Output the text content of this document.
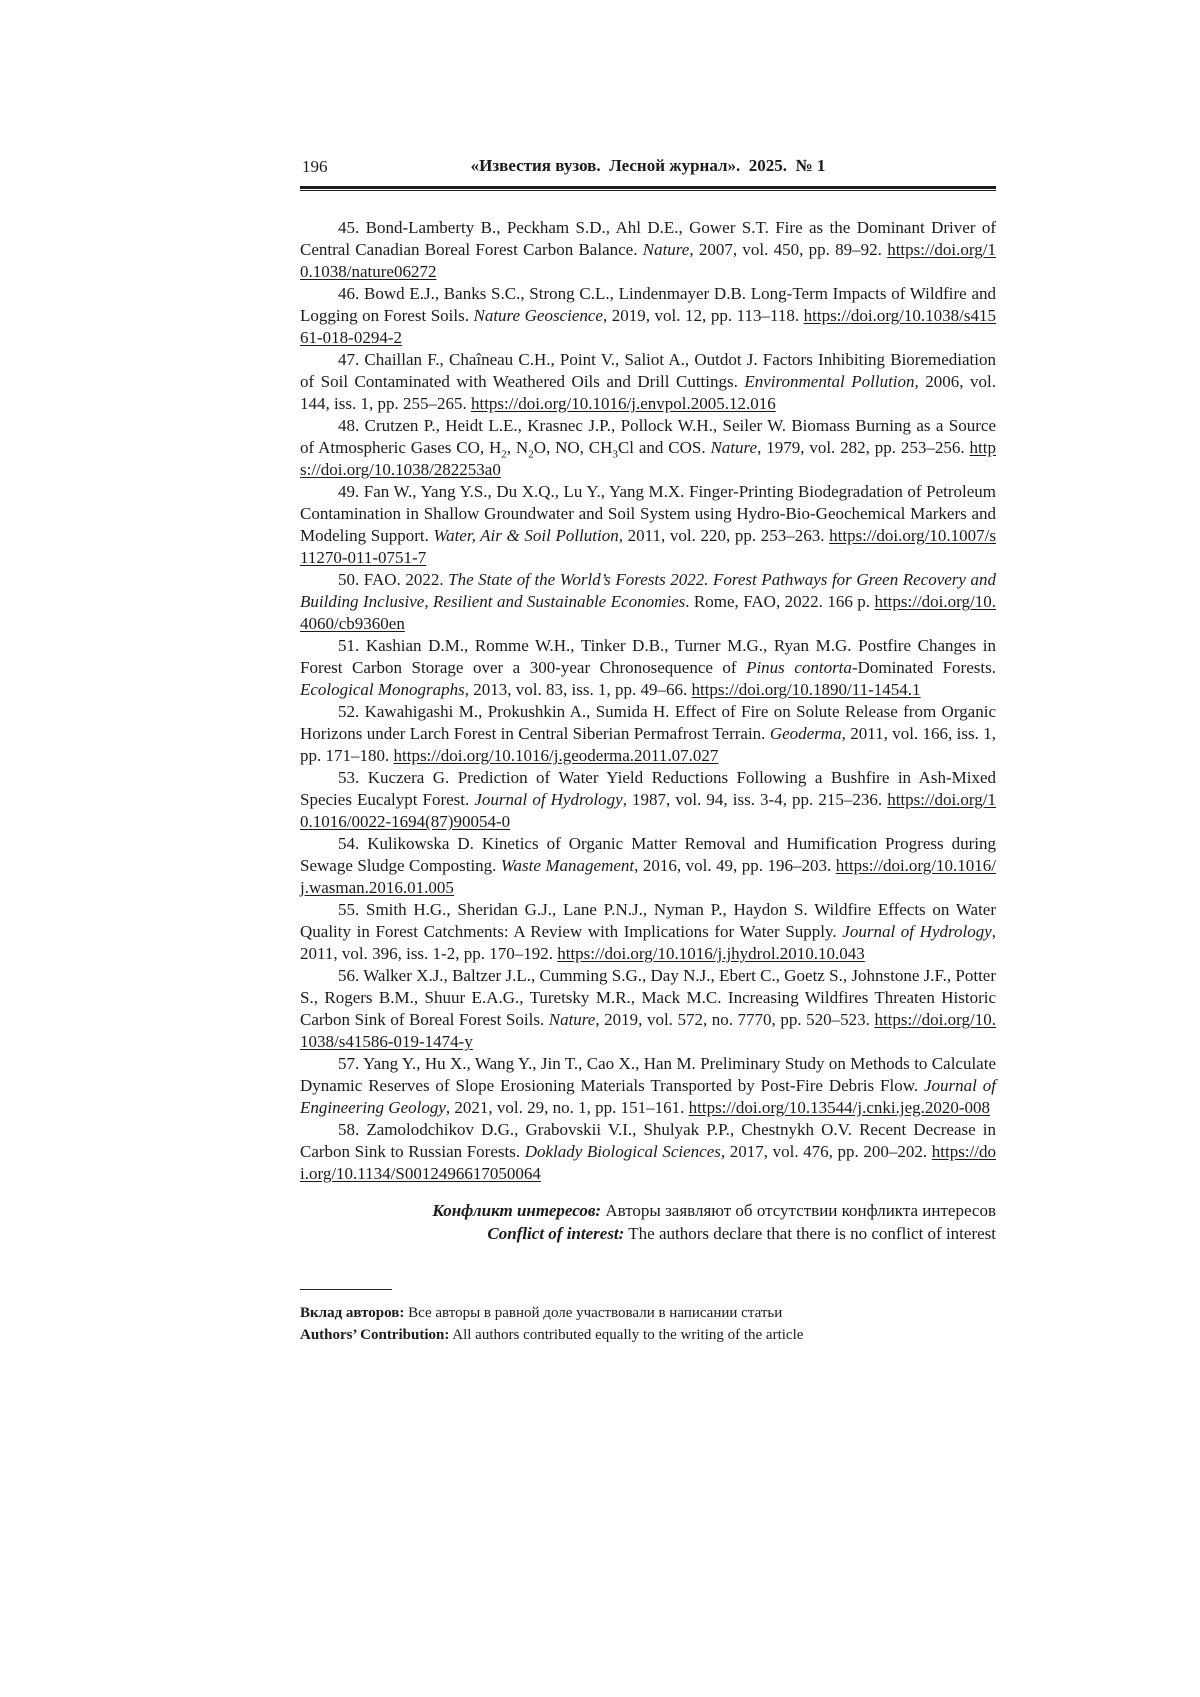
196	«Известия вузов.  Лесной журнал».  2025.  № 1

45. Bond-Lamberty B., Peckham S.D., Ahl D.E., Gower S.T. Fire as the Dominant Driver of Central Canadian Boreal Forest Carbon Balance. Nature, 2007, vol. 450, pp. 89–92. https://doi.org/10.1038/nature06272

46. Bowd E.J., Banks S.C., Strong C.L., Lindenmayer D.B. Long-Term Impacts of Wildfire and Logging on Forest Soils. Nature Geoscience, 2019, vol. 12, pp. 113–118. https://doi.org/10.1038/s41561-018-0294-2

47. Chaillan F., Chaîneau C.H., Point V., Saliot A., Outdot J. Factors Inhibiting Bioremediation of Soil Contaminated with Weathered Oils and Drill Cuttings. Environmental Pollution, 2006, vol. 144, iss. 1, pp. 255–265. https://doi.org/10.1016/j.envpol.2005.12.016

48. Crutzen P., Heidt L.E., Krasnec J.P., Pollock W.H., Seiler W. Biomass Burning as a Source of Atmospheric Gases CO, $H_2$, $N_2O$, NO, $CH_3Cl$ and COS. Nature, 1979, vol. 282, pp. 253–256. https://doi.org/10.1038/282253a0

49. Fan W., Yang Y.S., Du X.Q., Lu Y., Yang M.X. Finger-Printing Biodegradation of Petroleum Contamination in Shallow Groundwater and Soil System using Hydro-Bio-Geochemical Markers and Modeling Support. Water, Air & Soil Pollution, 2011, vol. 220, pp. 253–263. https://doi.org/10.1007/s11270-011-0751-7

50. FAO. 2022. The State of the World’s Forests 2022. Forest Pathways for Green Recovery and Building Inclusive, Resilient and Sustainable Economies. Rome, FAO, 2022. 166 p. https://doi.org/10.4060/cb9360en

51. Kashian D.M., Romme W.H., Tinker D.B., Turner M.G., Ryan M.G. Postfire Changes in Forest Carbon Storage over a 300-year Chronosequence of Pinus contorta-Dominated Forests. Ecological Monographs, 2013, vol. 83, iss. 1, pp. 49–66. https://doi.org/10.1890/11-1454.1

52. Kawahigashi M., Prokushkin A., Sumida H. Effect of Fire on Solute Release from Organic Horizons under Larch Forest in Central Siberian Permafrost Terrain. Geoderma, 2011, vol. 166, iss. 1, pp. 171–180. https://doi.org/10.1016/j.geoderma.2011.07.027

53. Kuczera G. Prediction of Water Yield Reductions Following a Bushfire in Ash-Mixed Species Eucalypt Forest. Journal of Hydrology, 1987, vol. 94, iss. 3-4, pp. 215–236. https://doi.org/10.1016/0022-1694(87)90054-0

54. Kulikowska D. Kinetics of Organic Matter Removal and Humification Progress during Sewage Sludge Composting. Waste Management, 2016, vol. 49, pp. 196–203. https://doi.org/10.1016/j.wasman.2016.01.005

55. Smith H.G., Sheridan G.J., Lane P.N.J., Nyman P., Haydon S. Wildfire Effects on Water Quality in Forest Catchments: A Review with Implications for Water Supply. Journal of Hydrology, 2011, vol. 396, iss. 1-2, pp. 170–192. https://doi.org/10.1016/j.jhydrol.2010.10.043

56. Walker X.J., Baltzer J.L., Cumming S.G., Day N.J., Ebert C., Goetz S., Johnstone J.F., Potter S., Rogers B.M., Shuur E.A.G., Turetsky M.R., Mack M.C. Increasing Wildfires Threaten Historic Carbon Sink of Boreal Forest Soils. Nature, 2019, vol. 572, no. 7770, pp. 520–523. https://doi.org/10.1038/s41586-019-1474-y

57. Yang Y., Hu X., Wang Y., Jin T., Cao X., Han M. Preliminary Study on Methods to Calculate Dynamic Reserves of Slope Erosioning Materials Transported by Post-Fire Debris Flow. Journal of Engineering Geology, 2021, vol. 29, no. 1, pp. 151–161. https://doi.org/10.13544/j.cnki.jeg.2020-008

58. Zamolodchikov D.G., Grabovskii V.I., Shulyak P.P., Chestnykh O.V. Recent Decrease in Carbon Sink to Russian Forests. Doklady Biological Sciences, 2017, vol. 476, pp. 200–202. https://doi.org/10.1134/S0012496617050064

Конфликт интересов: Авторы заявляют об отсутствии конфликта интересов

Conflict of interest: The authors declare that there is no conflict of interest

Вклад авторов: Все авторы в равной доле участвовали в написании статьи

Authors’ Contribution: All authors contributed equally to the writing of the article
